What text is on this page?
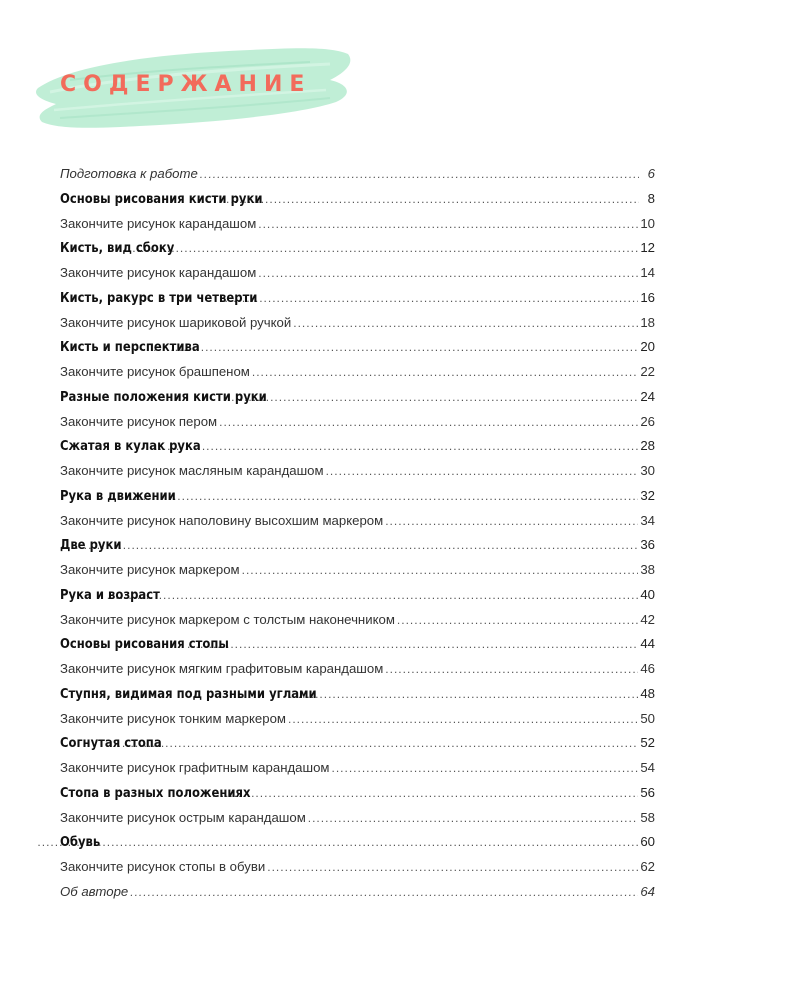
СОДЕРЖАНИЕ
Подготовка к работе .....	6
Основы рисования кисти руки .....	8
Закончите рисунок карандашом .....	10
Кисть, вид сбоку .....	12
Закончите рисунок карандашом .....	14
Кисть, ракурс в три четверти .....	16
Закончите рисунок шариковой ручкой .....	18
Кисть и перспектива .....	20
Закончите рисунок брашпеном .....	22
Разные положения кисти руки .....	24
Закончите рисунок пером .....	26
Сжатая в кулак рука .....	28
Закончите рисунок масляным карандашом .....	30
Рука в движении .....	32
Закончите рисунок наполовину высохшим маркером .....	34
Две руки .....	36
Закончите рисунок маркером .....	38
Рука и возраст .....	40
Закончите рисунок маркером с толстым наконечником .....	42
Основы рисования стопы .....	44
Закончите рисунок мягким графитовым карандашом .....	46
Ступня, видимая под разными углами .....	48
Закончите рисунок тонким маркером .....	50
Согнутая стопа .....	52
Закончите рисунок графитным карандашом .....	54
Стопа в разных положениях .....	56
Закончите рисунок острым карандашом .....	58
Обувь .....	60
Закончите рисунок стопы в обуви .....	62
Об авторе .....	64
